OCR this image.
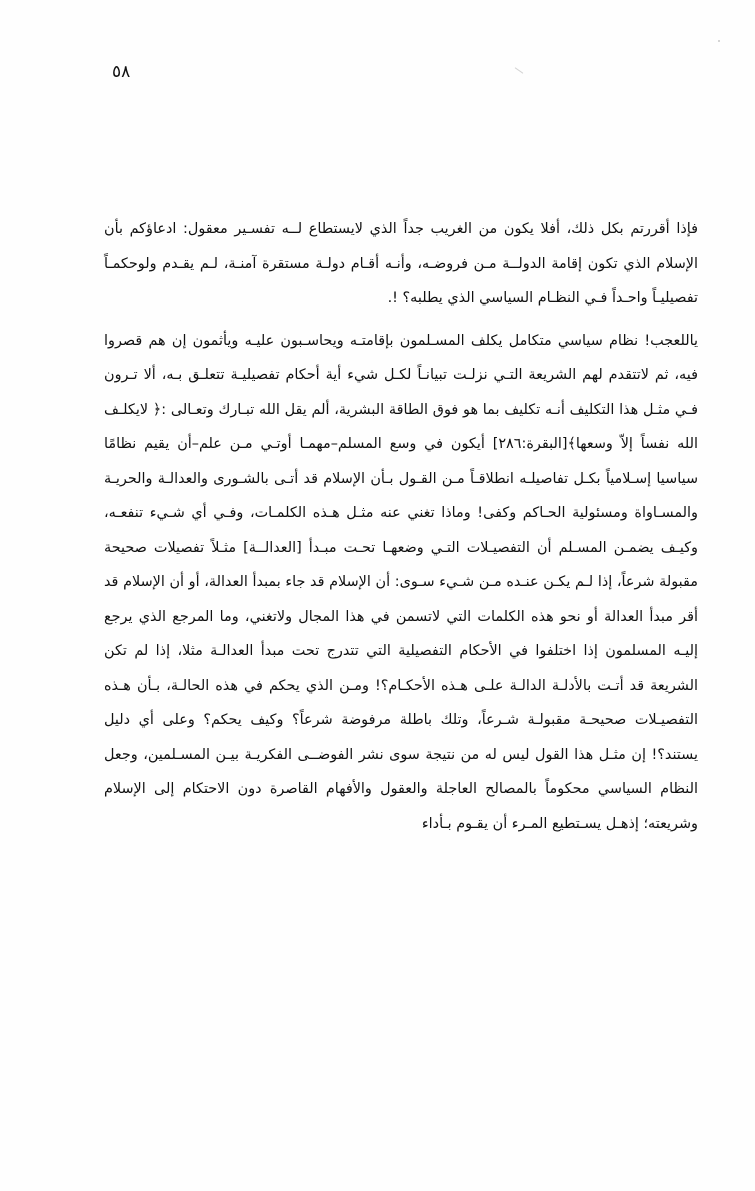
٥٨

فإذا أقررتم بكل ذلك، أفلا يكون من الغريب جداً الذي لايستطاع لــه تفسـير معقول: ادعاؤكم بأن الإسلام الذي تكون إقامة الدولــة مـن فروضـه، وأنـه أقـام دولـة مستقرة آمنـة، لـم يقـدم ولوحكمـاً تفصيليـاً واحـداً فـي النظـام السياسي الذي يطلبه؟ !.

ياللعجب! نظام سياسي متكامل يكلف المسـلمون بإقامتـه ويحاسـبون عليـه ويأثمون إن هم قصروا فيه، ثم لاتتقدم لهم الشريعة التـي نزلـت تبيانـاً لكـل شيء أية أحكام تفصيليـة تتعلـق بـه، ألا تـرون فـي مثـل هذا التكليف أنـه تكليف بما هو فوق الطاقة البشرية، ألم يقل الله تبـارك وتعـالى :﴿ لايكلـف الله نفساً إلاّ وسعها﴾[البقرة:٢٨٦] أيكون في وسع المسلم–مهمـا أوتـي مـن علم–أن يقيم نظامًا سياسيا إسـلامياً بكـل تفاصيلـه انطلاقـاً مـن القـول بـأن الإسلام قد أتـى بالشـورى والعدالـة والحريـة والمسـاواة ومسئولية الحـاكم وكفى! وماذا تغني عنه مثـل هـذه الكلمـات، وفـي أي شـيء تنفعـه، وكيـف يضمـن المسـلم أن التفصيـلات التـي وضعهـا تحـت مبـدأ [العدالــة] مثـلاً تفصيلات صحيحة مقبولة شرعاً، إذا لـم يكـن عنـده مـن شـيء سـوى: أن الإسلام قد جاء بمبدأ العدالة، أو أن الإسلام قد أقر مبدأ العدالة أو نحو هذه الكلمات التي لاتسمن في هذا المجال ولاتغني، وما المرجع الذي يرجع إليـه المسلمون إذا اختلفوا في الأحكام التفصيلية التي تتدرج تحت مبدأ العدالـة مثلا، إذا لم تكن الشريعة قد أتـت بالأدلـة الدالـة علـى هـذه الأحكـام؟! ومـن الذي يحكم في هذه الحالـة، بـأن هـذه التفصيـلات صحيحـة مقبولـة شـرعاً، وتلك باطلة مرفوضة شرعاً؟ وكيف يحكم؟ وعلى أي دليل يستند؟! إن مثـل هذا القول ليس له من نتيجة سوى نشر الفوضــى الفكريـة بيـن المسـلمين، وجعل النظام السياسي محكوماً بالمصالح العاجلة والعقول والأفهام القاصرة دون الاحتكام إلى الإسلام وشريعته؛ إذهـل يسـتطيع المـرء أن يقـوم بـأداء
